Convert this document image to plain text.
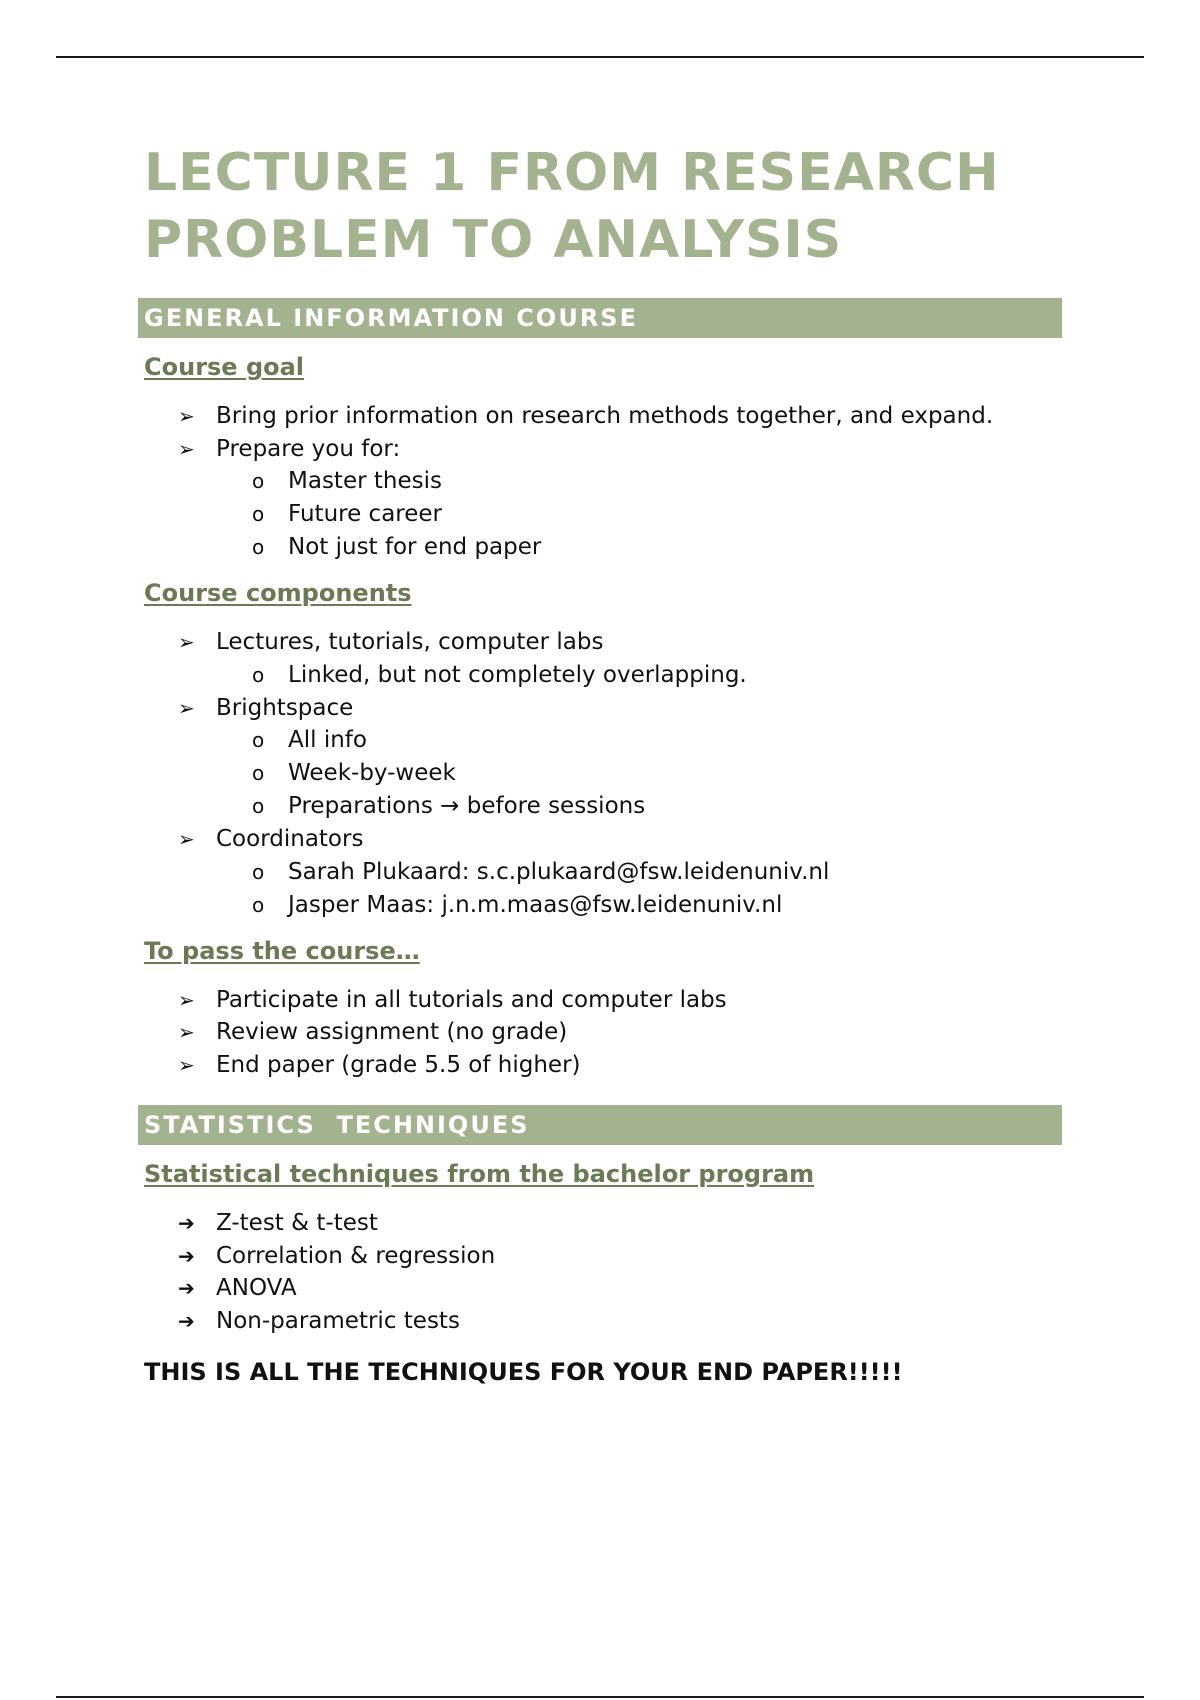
LECTURE 1 FROM RESEARCH
PROBLEM TO ANALYSIS
GENERAL INFORMATION COURSE
Course goal
➢ Bring prior information on research methods together, and expand.
➢ Prepare you for:
o Master thesis
o Future career
o Not just for end paper
Course components
➢ Lectures, tutorials, computer labs
o Linked, but not completely overlapping.
➢ Brightspace
o All info
o Week-by-week
o Preparations → before sessions
➢ Coordinators
o Sarah Plukaard: s.c.plukaard@fsw.leidenuniv.nl
o Jasper Maas: j.n.m.maas@fsw.leidenuniv.nl
To pass the course…
➢ Participate in all tutorials and computer labs
➢ Review assignment (no grade)
➢ End paper (grade 5.5 of higher)
STATISTICS  TECHNIQUES
Statistical techniques from the bachelor program
➔ Z-test & t-test
➔ Correlation & regression
➔ ANOVA
➔ Non-parametric tests
THIS IS ALL THE TECHNIQUES FOR YOUR END PAPER!!!!!
